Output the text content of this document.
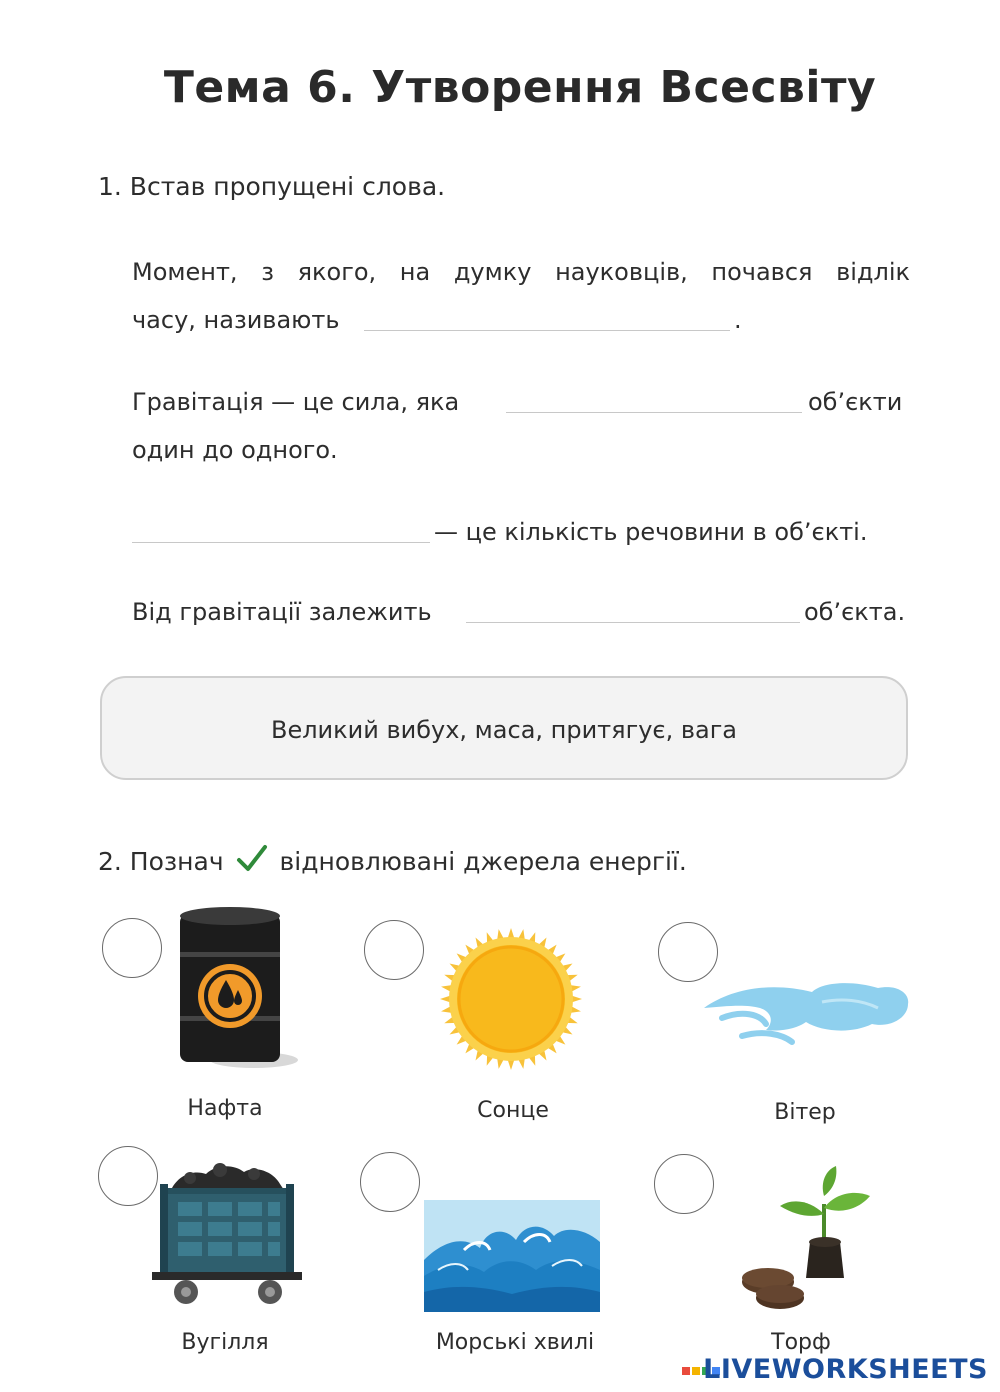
Тема 6. Утворення Всесвіту
1. Встав пропущені слова.
Момент, з якого, на думку науковців, почався відлік
часу, називають	.
Гравітація — це сила, яка	об’єкти
один до одного.
— це кількість речовини в об’єкті.
Від гравітації залежить	об’єкта.
Великий вибух, маса, притягує, вага
2. Познач відновлювані джерела енергії.
Нафта	Сонце	Вітер
Вугілля	Морські хвилі	Торф
LIVEWORKSHEETS
